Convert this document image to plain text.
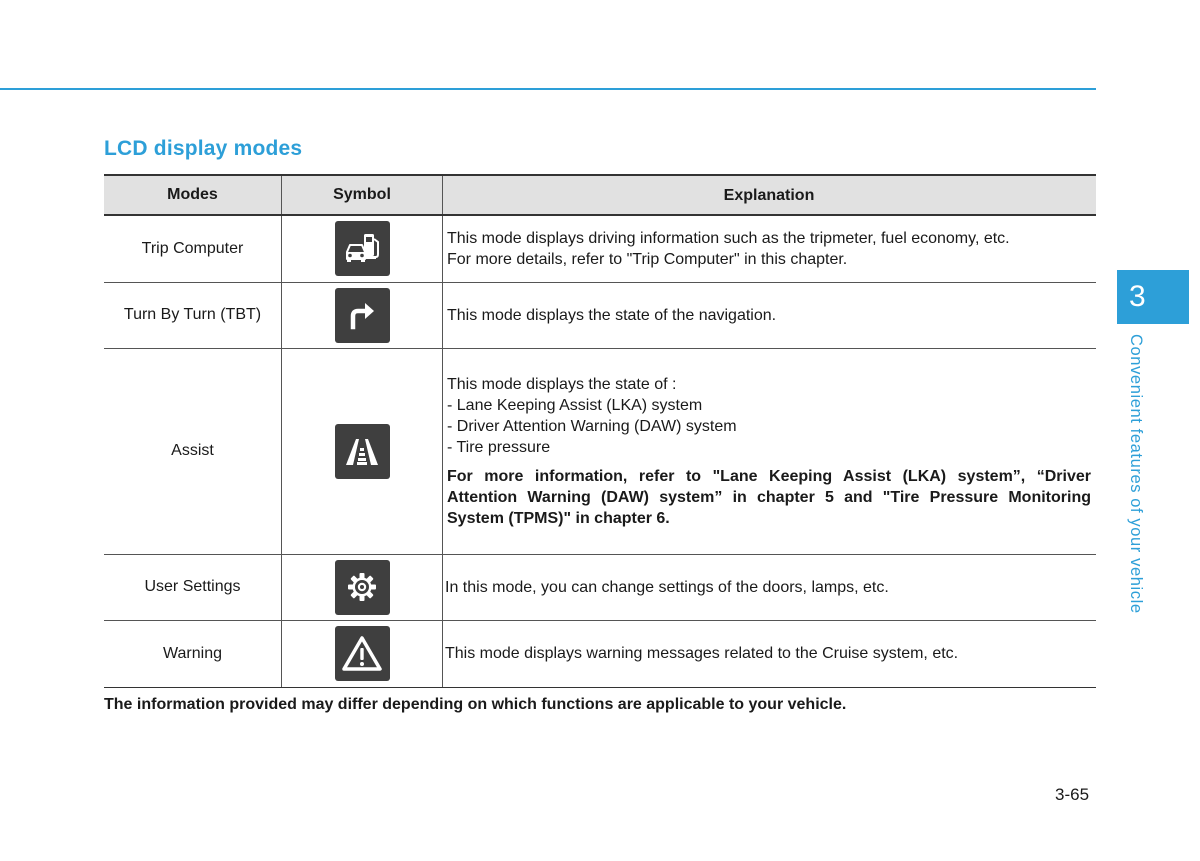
LCD display modes
Modes	Symbol	Explanation
Trip Computer		This mode displays driving information such as the tripmeter, fuel economy, etc.
For more details, refer to "Trip Computer" in this chapter.

Turn By Turn (TBT)		This mode displays the state of the navigation.

Assist		This mode displays the state of :
- Lane Keeping Assist (LKA) system
- Driver Attention Warning (DAW) system
- Tire pressure
For more information, refer to "Lane Keeping Assist (LKA) system”, “Driver Attention Warning (DAW) system” in chapter 5 and "Tire Pressure Monitoring System (TPMS)" in chapter 6.

User Settings		In this mode, you can change settings of the doors, lamps, etc.

Warning		This mode displays warning messages related to the Cruise system, etc.

The information provided may differ depending on which functions are applicable to your vehicle.

3

Convenient features of your vehicle

3-65
